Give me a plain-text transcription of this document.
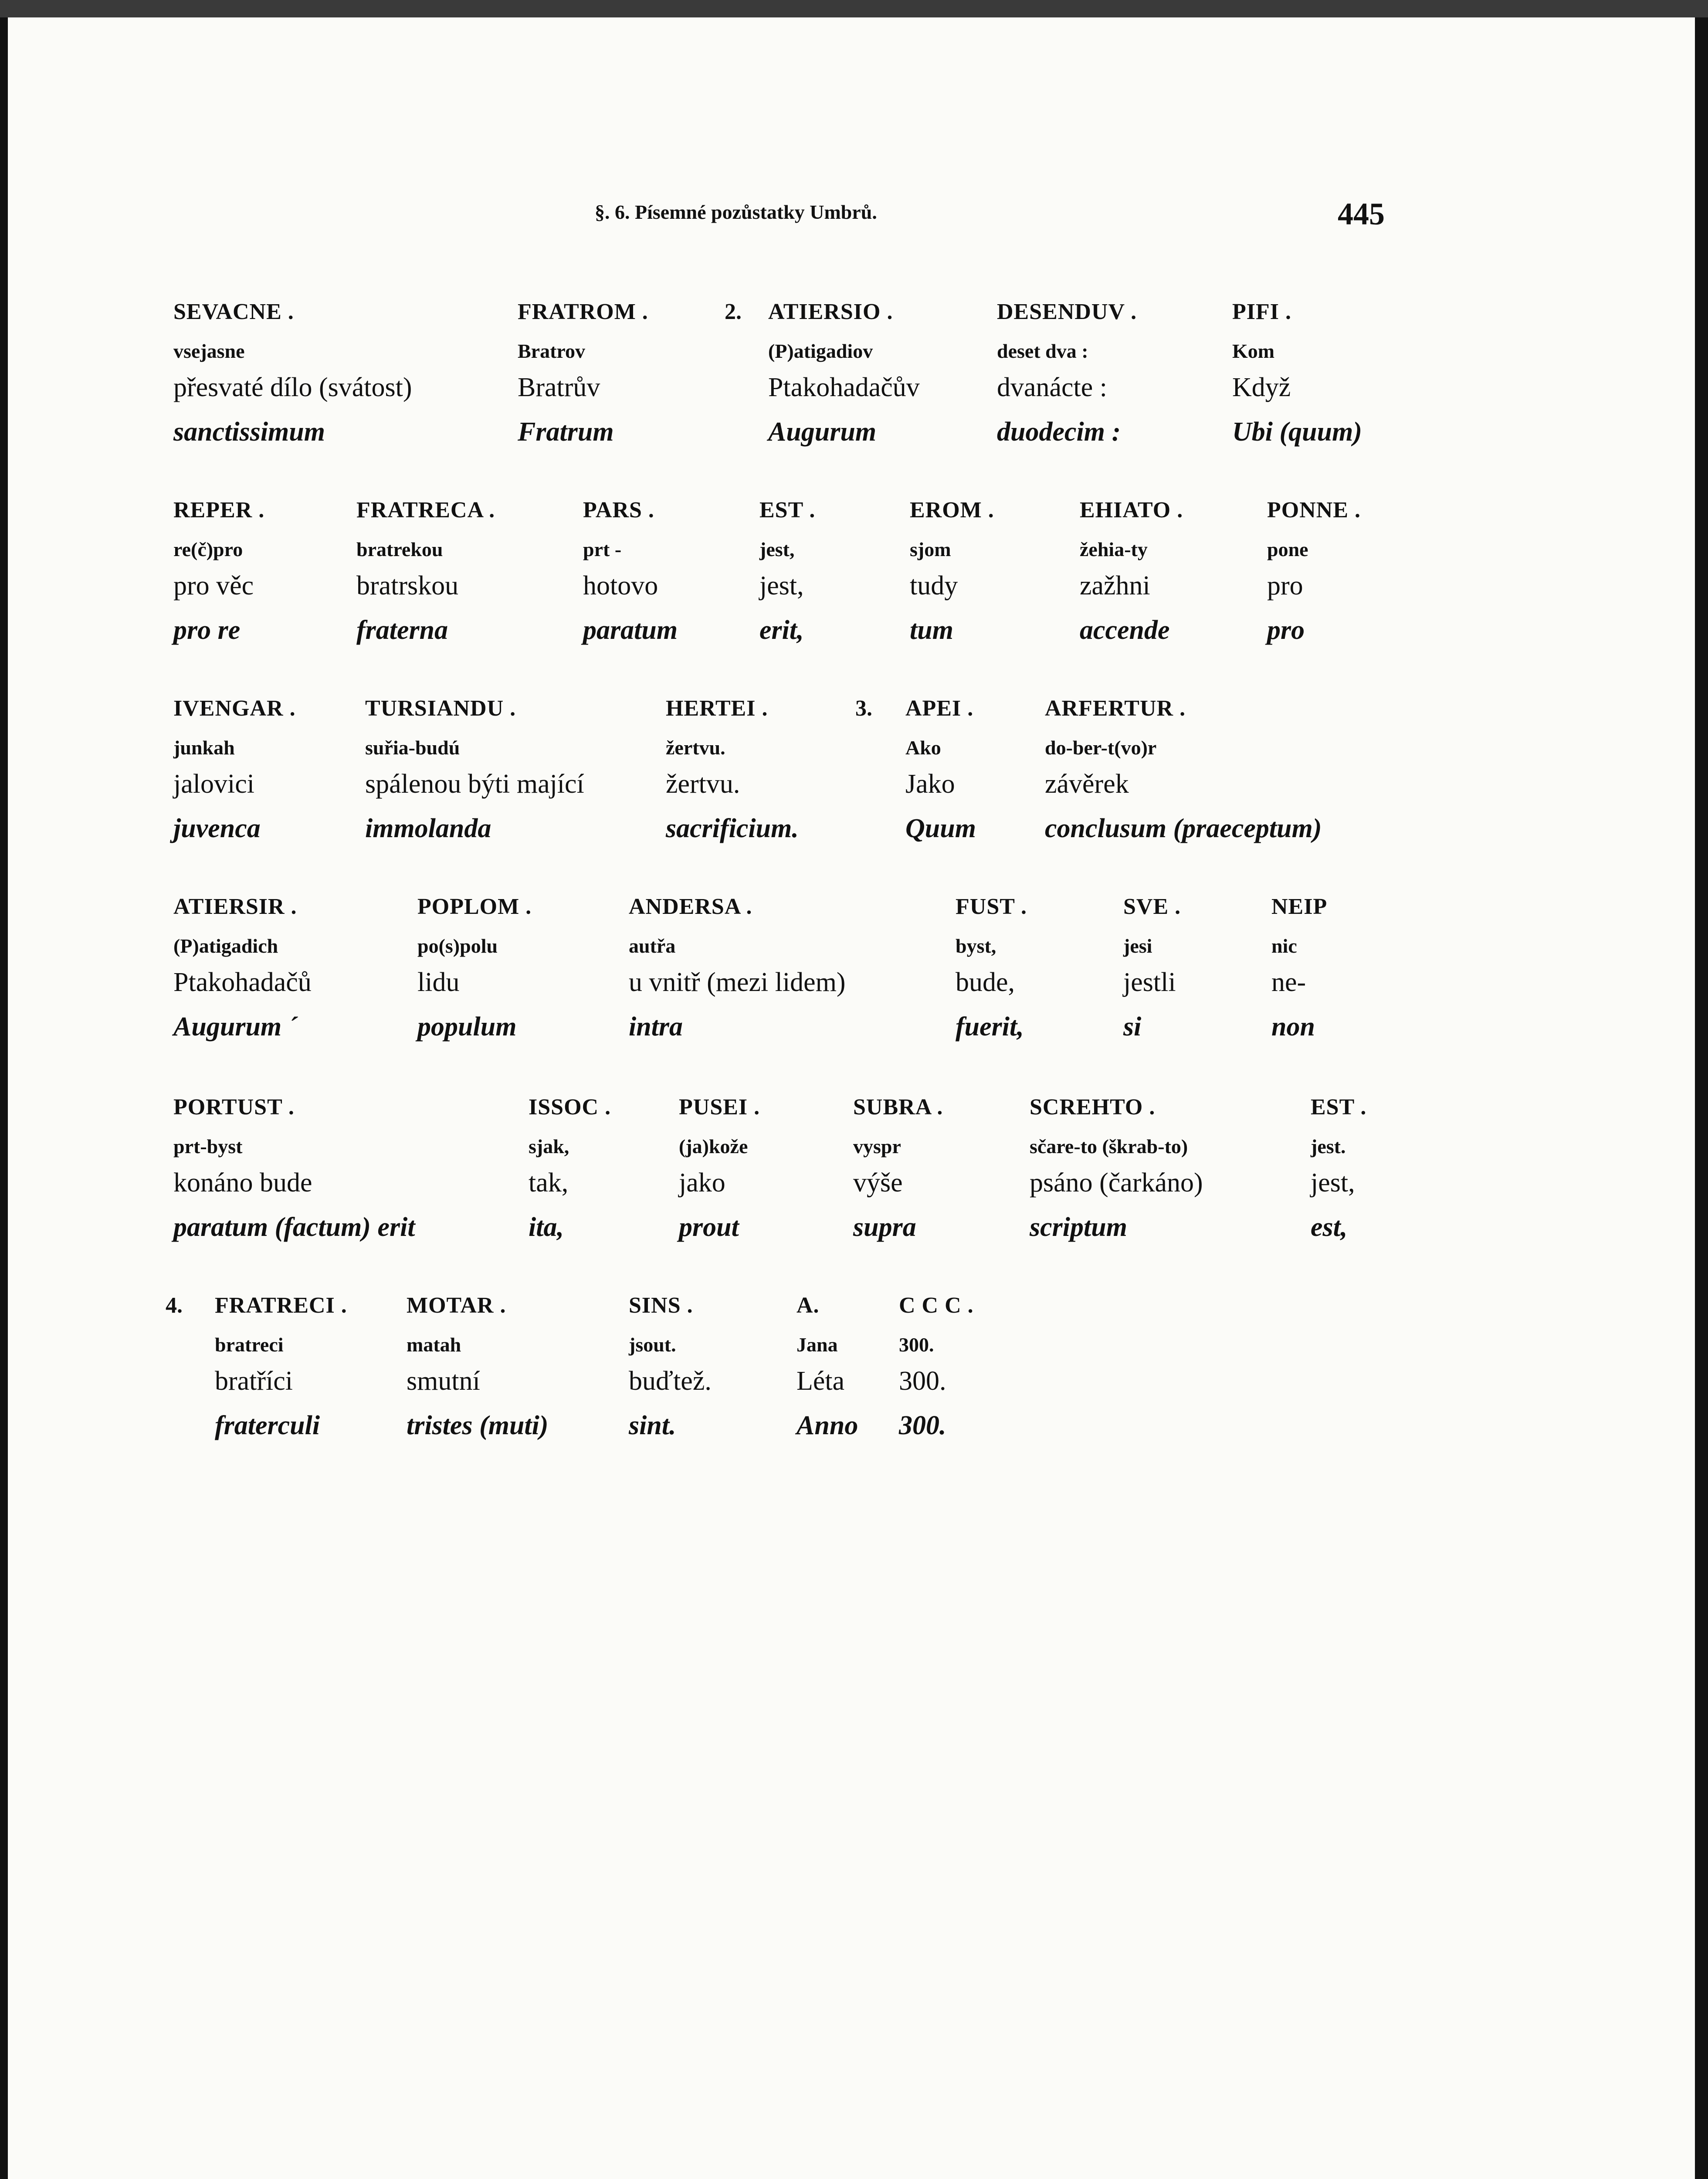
§. 6. Písemné pozůstatky Umbrů.	445
2.
SEVACNE .
vsejasne
přesvaté dílo (svátost)
sanctissimum
FRATROM .
Bratrov
Bratrův
Fratrum
ATIERSIO .
(P)atigadiov
Ptakohadačův
Augurum
DESENDUV .
deset dva :
dvanácte :
duodecim :
PIFI .
Kom
Když
Ubi (quum)
REPER .
re(č)pro
pro věc
pro re
FRATRECA .
bratrekou
bratrskou
fraterna
PARS .
prt -
hotovo
paratum
EST .
jest,
jest,
erit,
EROM .
sjom
tudy
tum
EHIATO .
žehia-ty
zažhni
accende
PONNE .
pone
pro
pro
3.
IVENGAR .
junkah
jalovici
juvenca
TURSIANDU .
suřia-budú
spálenou býti mající
immolanda
HERTEI .
žertvu.
žertvu.
sacrificium.
APEI .
Ako
Jako
Quum
ARFERTUR .
do-ber-t(vo)r
závěrek
conclusum (praeceptum)
ATIERSIR .
(P)atigadich
Ptakohadačů
Augurum ´
POPLOM .
po(s)polu
lidu
populum
ANDERSA .
autřa
u vnitř (mezi lidem)
intra
FUST .
byst,
bude,
fuerit,
SVE .
jesi
jestli
si
NEIP
nic
ne-
non
PORTUST .
prt-byst
konáno bude
paratum (factum) erit
ISSOC .
sjak,
tak,
ita,
PUSEI .
(ja)kože
jako
prout
SUBRA .
vyspr
výše
supra
SCREHTO .
sčare-to (škrab-to)
psáno (čarkáno)
scriptum
EST .
jest.
jest,
est,
4. FRATRECI .
bratreci
bratříci
fraterculi
MOTAR .
matah
smutní
tristes (muti)
SINS .
jsout.
buďtež.
sint.
A.
Jana
Léta
Anno
C C C .
300.
300.
300.
